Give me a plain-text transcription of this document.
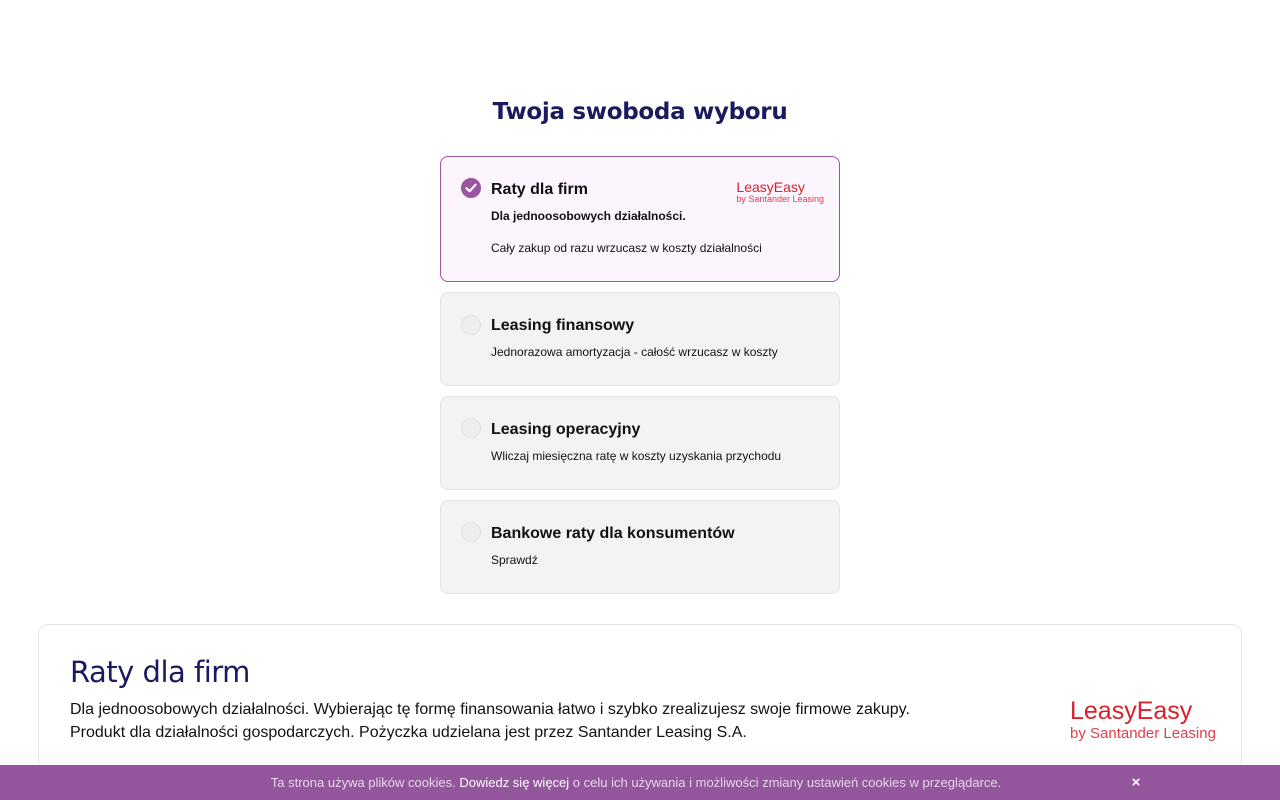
Twoja swoboda wyboru
Raty dla firm
Dla jednoosobowych działalności.
Cały zakup od razu wrzucasz w koszty działalności
LeasyEasy
by Santander Leasing
Leasing finansowy
Jednorazowa amortyzacja - całość wrzucasz w koszty
Leasing operacyjny
Wliczaj miesięczna ratę w koszty uzyskania przychodu
Bankowe raty dla konsumentów
Sprawdź
Raty dla firm
Dla jednoosobowych działalności. Wybierając tę formę finansowania łatwo i szybko zrealizujesz swoje firmowe zakupy.
Produkt dla działalności gospodarczych. Pożyczka udzielana jest przez Santander Leasing S.A.
LeasyEasy
by Santander Leasing
Ta strona używa plików cookies. Dowiedz się więcej o celu ich używania i możliwości zmiany ustawień cookies w przeglądarce.	×
